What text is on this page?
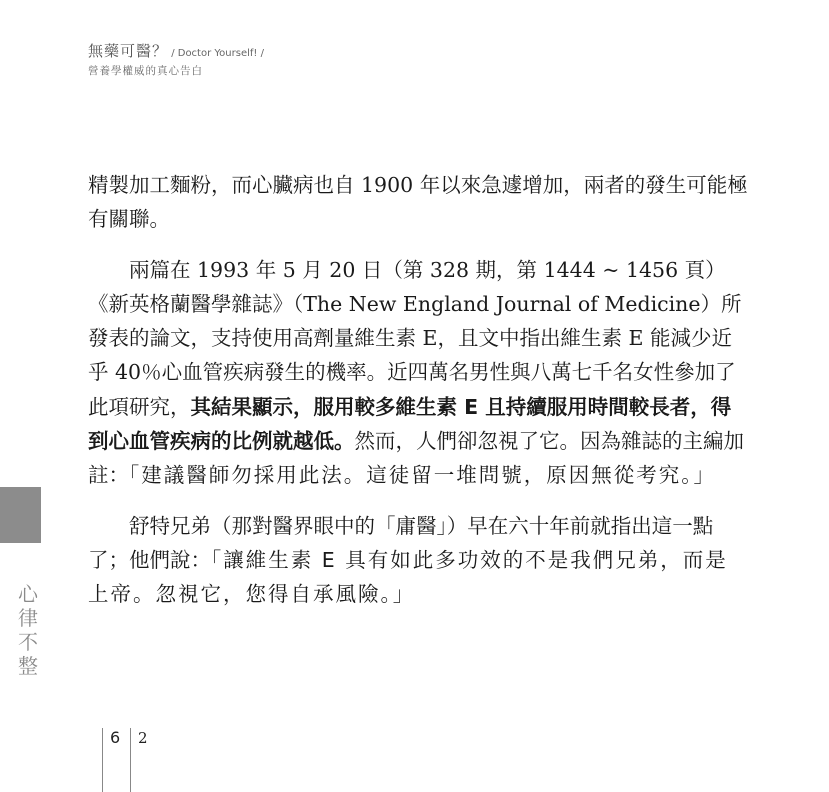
無藥可醫？ / Doctor Yourself! /
營養學權威的真心告白

精製加工麵粉，而心臟病也自 1900 年以來急遽增加，兩者的發生可能極有關聯。

兩篇在 1993 年 5 月 20 日（第 328 期，第 1444 ~ 1456 頁）《新英格蘭醫學雜誌》（The New England Journal of Medicine）所發表的論文，支持使用高劑量維生素 E，且文中指出維生素 E 能減少近乎 40％心血管疾病發生的機率。近四萬名男性與八萬七千名女性參加了此項研究，其結果顯示，服用較多維生素 E 且持續服用時間較長者，得到心血管疾病的比例就越低。然而，人們卻忽視了它。因為雜誌的主編加註：「建議醫師勿採用此法。這徒留一堆問號，原因無從考究。」

舒特兄弟（那對醫界眼中的「庸醫」）早在六十年前就指出這一點了；他們說：「讓維生素 E 具有如此多功效的不是我們兄弟，而是上帝。忽視它，您得自承風險。」

心
律
不
整
6 2
